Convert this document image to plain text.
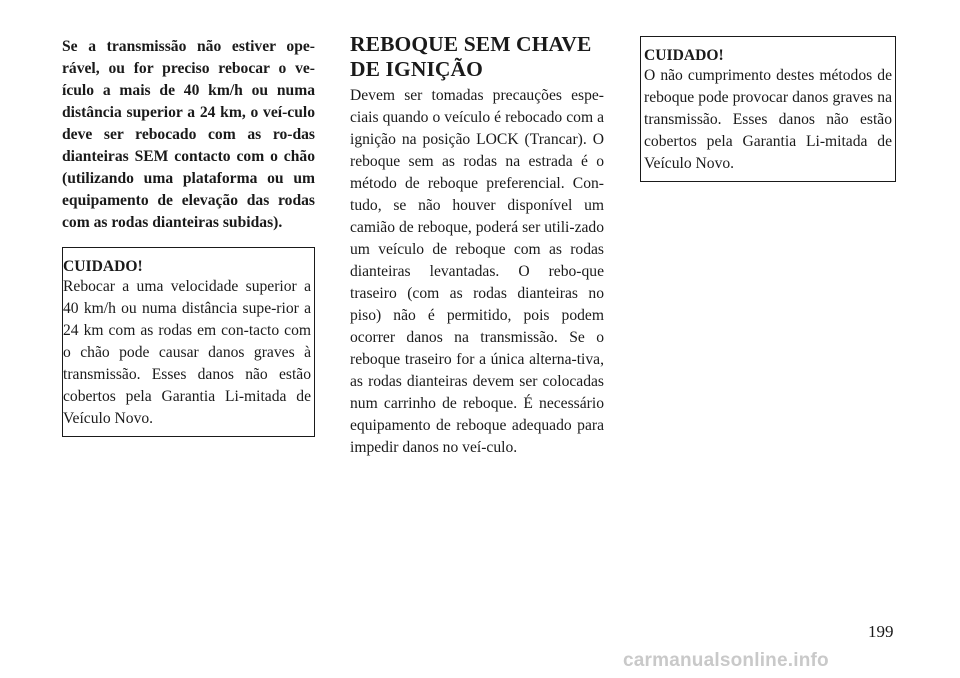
Se a transmissão não estiver ope-rável, ou for preciso rebocar o ve-ículo a mais de 40 km/h ou numa distância superior a 24 km, o veí-culo deve ser rebocado com as ro-das dianteiras SEM contacto com o chão (utilizando uma plataforma ou um equipamento de elevação das rodas com as rodas dianteiras subidas).

CUIDADO!

Rebocar a uma velocidade superior a 40 km/h ou numa distância supe-rior a 24 km com as rodas em con-tacto com o chão pode causar danos graves à transmissão. Esses danos não estão cobertos pela Garantia Li-mitada de Veículo Novo.

REBOQUE SEM CHAVE DE IGNIÇÃO

Devem ser tomadas precauções espe-ciais quando o veículo é rebocado com a ignição na posição LOCK (Trancar). O reboque sem as rodas na estrada é o método de reboque preferencial. Con-tudo, se não houver disponível um camião de reboque, poderá ser utili-zado um veículo de reboque com as rodas dianteiras levantadas. O rebo-que traseiro (com as rodas dianteiras no piso) não é permitido, pois podem ocorrer danos na transmissão. Se o reboque traseiro for a única alterna-tiva, as rodas dianteiras devem ser colocadas num carrinho de reboque. É necessário equipamento de reboque adequado para impedir danos no veí-culo.

CUIDADO!

O não cumprimento destes métodos de reboque pode provocar danos graves na transmissão. Esses danos não estão cobertos pela Garantia Li-mitada de Veículo Novo.

199
carmanualsonline.info
